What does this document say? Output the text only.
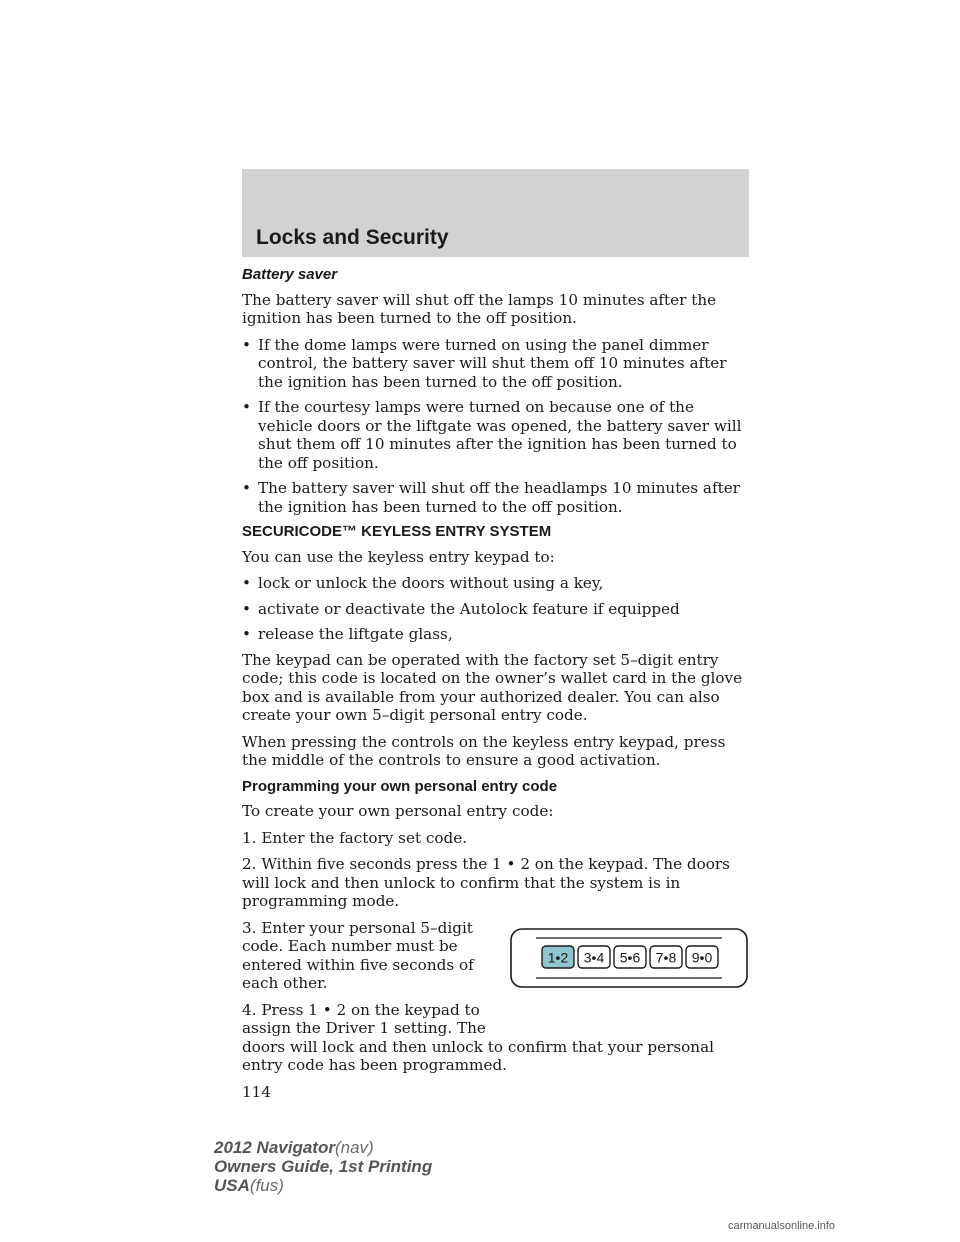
Locks and Security
Battery saver

The battery saver will shut off the lamps 10 minutes after the ignition has been turned to the off position.

• If the dome lamps were turned on using the panel dimmer control, the battery saver will shut them off 10 minutes after the ignition has been turned to the off position.
• If the courtesy lamps were turned on because one of the vehicle doors or the liftgate was opened, the battery saver will shut them off 10 minutes after the ignition has been turned to the off position.
• The battery saver will shut off the headlamps 10 minutes after the ignition has been turned to the off position.
SECURICODE™ KEYLESS ENTRY SYSTEM

You can use the keyless entry keypad to:

• lock or unlock the doors without using a key,
• activate or deactivate the Autolock feature if equipped
• release the liftgate glass,

The keypad can be operated with the factory set 5–digit entry code; this code is located on the owner’s wallet card in the glove box and is available from your authorized dealer. You can also create your own 5–digit personal entry code.

When pressing the controls on the keyless entry keypad, press the middle of the controls to ensure a good activation.

Programming your own personal entry code

To create your own personal entry code:

1. Enter the factory set code.

2. Within five seconds press the 1 • 2 on the keypad. The doors will lock and then unlock to confirm that the system is in programming mode.

3. Enter your personal 5–digit code. Each number must be entered within five seconds of each other.

4. Press 1 • 2 on the keypad to assign the Driver 1 setting. The

1•2 3•4 5•6 7•8 9•0

doors will lock and then unlock to confirm that your personal entry code has been programmed.

114
2012 Navigator(nav)
Owners Guide, 1st Printing
USA(fus)
carmanualsonline.info
